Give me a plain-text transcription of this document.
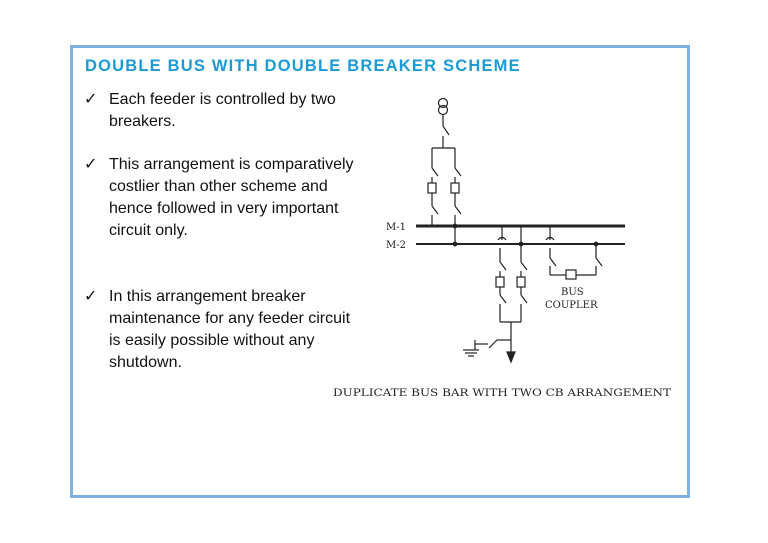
DOUBLE BUS WITH DOUBLE BREAKER SCHEME
✓ Each feeder is controlled by two breakers.
✓ This arrangement is comparatively costlier than other scheme and hence followed in very important circuit only.
✓ In this arrangement breaker maintenance for any feeder circuit is easily possible without any shutdown.
M-1
M-2
BUS
COUPLER
DUPLICATE BUS BAR WITH TWO CB ARRANGEMENT
